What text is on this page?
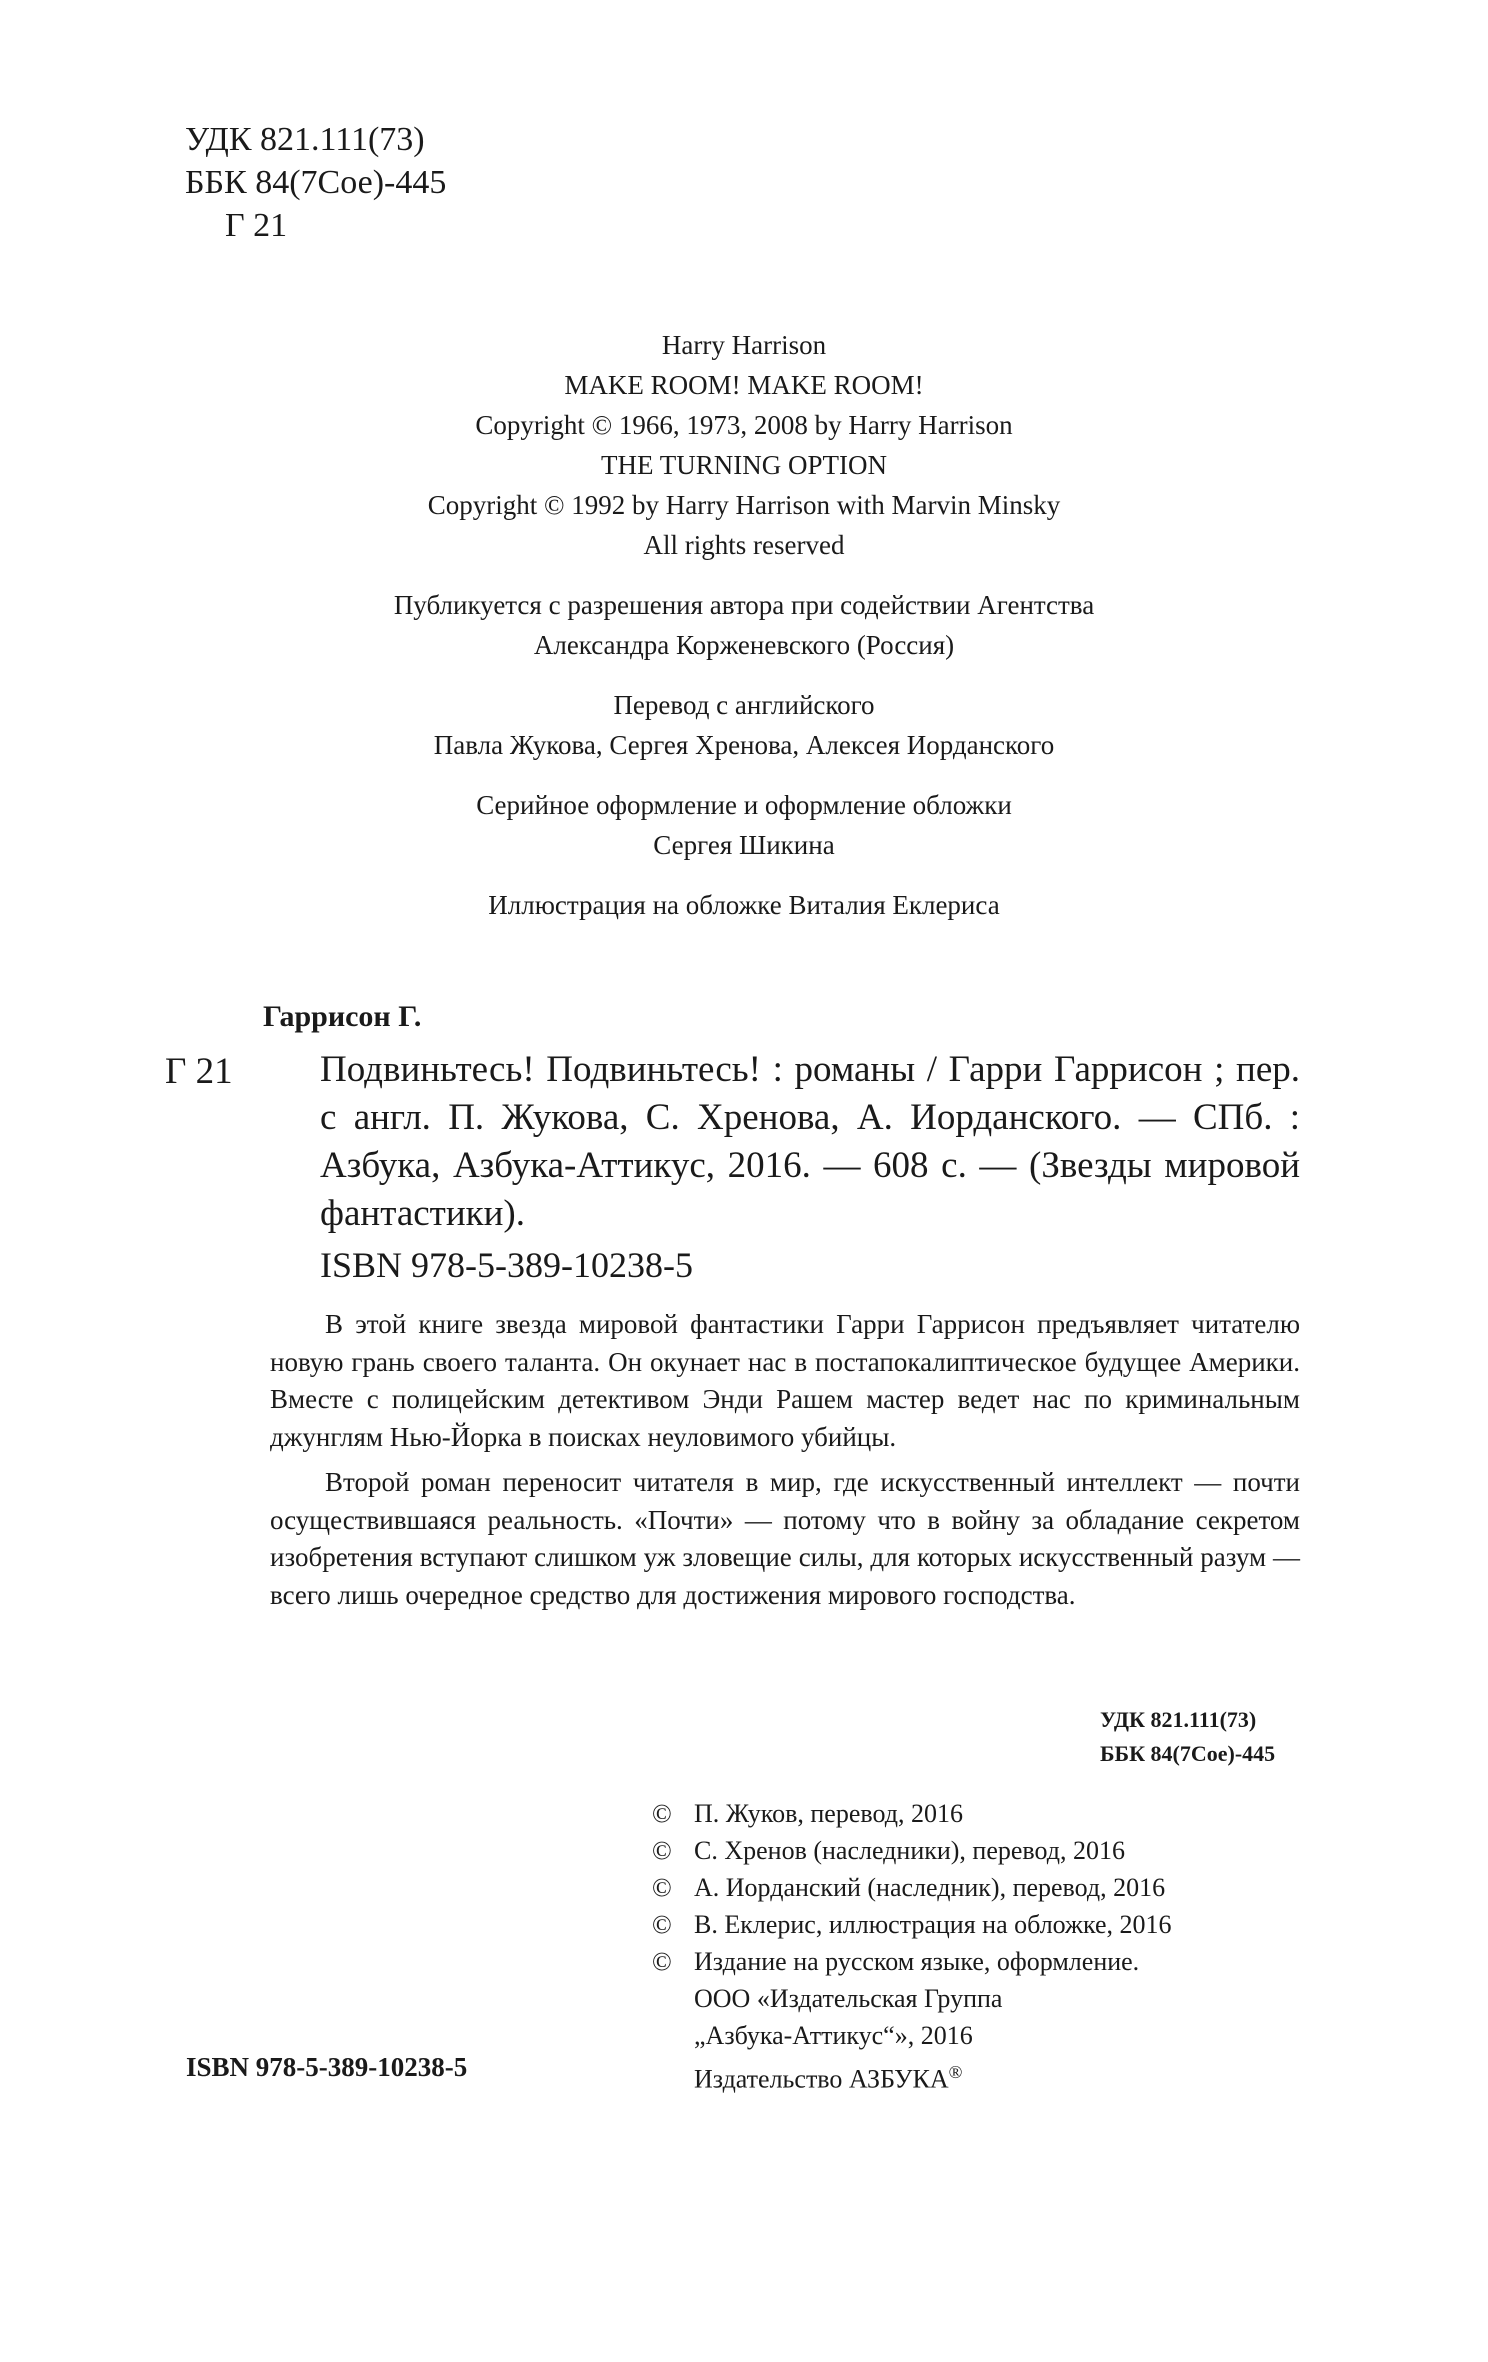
УДК 821.111(73)
ББК 84(7Сое)-445
Г 21
Harry Harrison
MAKE ROOM! MAKE ROOM!
Copyright © 1966, 1973, 2008 by Harry Harrison
THE TURNING OPTION
Copyright © 1992 by Harry Harrison with Marvin Minsky
All rights reserved
Публикуется с разрешения автора при содействии Агентства
Александра Корженевского (Россия)
Перевод с английского
Павла Жукова, Сергея Хренова, Алексея Иорданского
Серийное оформление и оформление обложки
Сергея Шикина
Иллюстрация на обложке Виталия Еклериса
Гаррисон Г.
Г 21 Подвиньтесь! Подвиньтесь! : романы / Гарри Гаррисон ; пер. с англ. П. Жукова, С. Хренова, А. Иорданского. — СПб. : Азбука, Азбука-Аттикус, 2016. — 608 с. — (Звезды мировой фантастики).
ISBN 978-5-389-10238-5

В этой книге звезда мировой фантастики Гарри Гаррисон предъявляет читателю новую грань своего таланта. Он окунает нас в постапокалиптическое будущее Америки. Вместе с полицейским детективом Энди Рашем мастер ведет нас по криминальным джунглям Нью-Йорка в поисках неуловимого убийцы.

Второй роман переносит читателя в мир, где искусственный интеллект — почти осуществившаяся реальность. «Почти» — потому что в войну за обладание секретом изобретения вступают слишком уж зловещие силы, для которых искусственный разум — всего лишь очередное средство для достижения мирового господства.

УДК 821.111(73)
ББК 84(7Сое)-445
© П. Жуков, перевод, 2016
© С. Хренов (наследники), перевод, 2016
© А. Иорданский (наследник), перевод, 2016
© В. Еклерис, иллюстрация на обложке, 2016
© Издание на русском языке, оформление.
ООО «Издательская Группа
„Азбука-Аттикус“», 2016
Издательство АЗБУКА®
ISBN 978-5-389-10238-5
